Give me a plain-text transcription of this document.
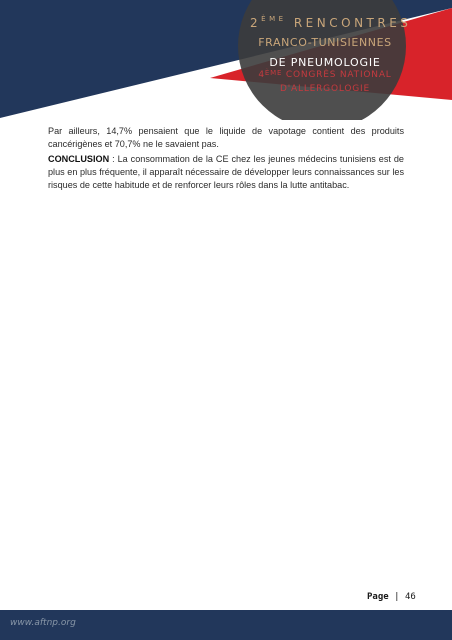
2ÈME RENCONTRES
FRANCO-TUNISIENNES
DE PNEUMOLOGIE
4ÈME CONGRÈS NATIONAL
D'ALLERGOLOGIE
Par ailleurs, 14,7% pensaient que le liquide de vapotage contient des produits cancérigènes et 70,7% ne le savaient pas.
CONCLUSION : La consommation de la CE chez les jeunes médecins tunisiens est de plus en plus fréquente, il apparaît nécessaire de développer leurs connaissances sur les risques de cette habitude et de renforcer leurs rôles dans la lutte antitabac.
Page | 46
www.aftnp.org
